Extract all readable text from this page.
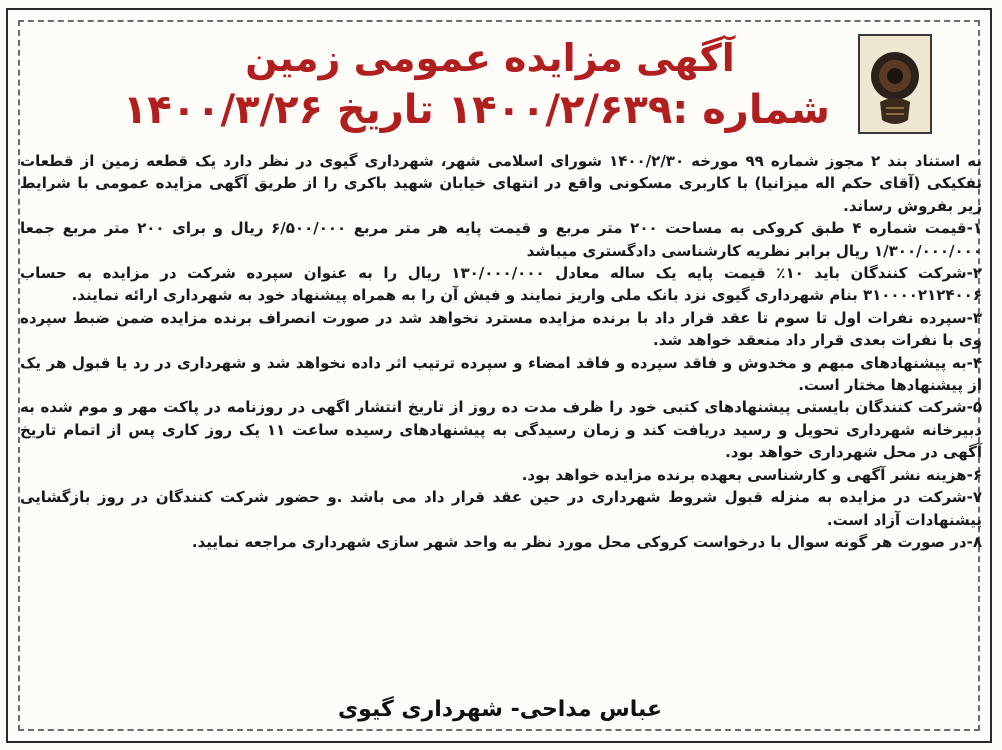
آگهی مزایده عمومی زمین
شماره :۱۴۰۰/۲/۶۳۹ تاریخ ۱۴۰۰/۳/۲۶

به استناد بند ۲ مجوز شماره ۹۹ مورخه ۱۴۰۰/۲/۳۰ شورای اسلامی شهر، شهرداری گیوی در نظر دارد یک قطعه زمین از قطعات تفکیکی (آقای حکم اله میزانیا) با کاربری مسکونی واقع در انتهای خیابان شهید باکری را از طریق آگهی مزایده عمومی با شرایط زیر بفروش رساند.

۱-قیمت شماره ۴ طبق کروکی به مساحت ۲۰۰ متر مربع و قیمت پایه هر متر مربع ۶/۵۰۰/۰۰۰ ریال و برای ۲۰۰ متر مربع جمعا ۱/۳۰۰/۰۰۰/۰۰۰ ریال برابر نظریه کارشناسی دادگستری میباشد

۲-شرکت کنندگان باید ۱۰٪ قیمت پایه یک ساله معادل ۱۳۰/۰۰۰/۰۰۰ ریال را به عنوان سپرده شرکت در مزایده به حساب ۳۱۰۰۰۰۲۱۲۴۰۰۶ بنام شهرداری گیوی نزد بانک ملی واریز نمایند و فیش آن را به همراه پیشنهاد خود به شهرداری ارائه نمایند.

۳-سپرده نفرات اول تا سوم تا عقد قرار داد با برنده مزایده مسترد نخواهد شد در صورت انصراف برنده مزایده ضمن ضبط سپرده وی با نفرات بعدی قرار داد منعقد خواهد شد.

۴-به پیشنهادهای مبهم و مخدوش و فاقد سپرده و فاقد امضاء و سپرده ترتیب اثر داده نخواهد شد و شهرداری در رد یا قبول هر یک از پیشنهادها مختار است.

۵-شرکت کنندگان بایستی پیشنهادهای کتبی خود را ظرف مدت ده روز از تاریخ انتشار اگهی در روزنامه در پاکت مهر و موم شده به دبیرخانه شهرداری تحویل و رسید دریافت کند و زمان رسیدگی به پیشنهادهای رسیده ساعت ۱۱ یک روز کاری پس از اتمام تاریخ آگهی در محل شهرداری خواهد بود.

۶-هزینه نشر آگهی و کارشناسی بعهده برنده مزایده خواهد بود.

۷-شرکت در مزایده به منزله قبول شروط شهرداری در حین عقد قرار داد می باشد .و حضور شرکت کنندگان در روز بازگشایی پیشنهادات آزاد است.

۸-در صورت هر گونه سوال با درخواست کروکی محل مورد نظر به واحد شهر سازی شهرداری مراجعه نمایید.

عباس مداحی- شهرداری گیوی
